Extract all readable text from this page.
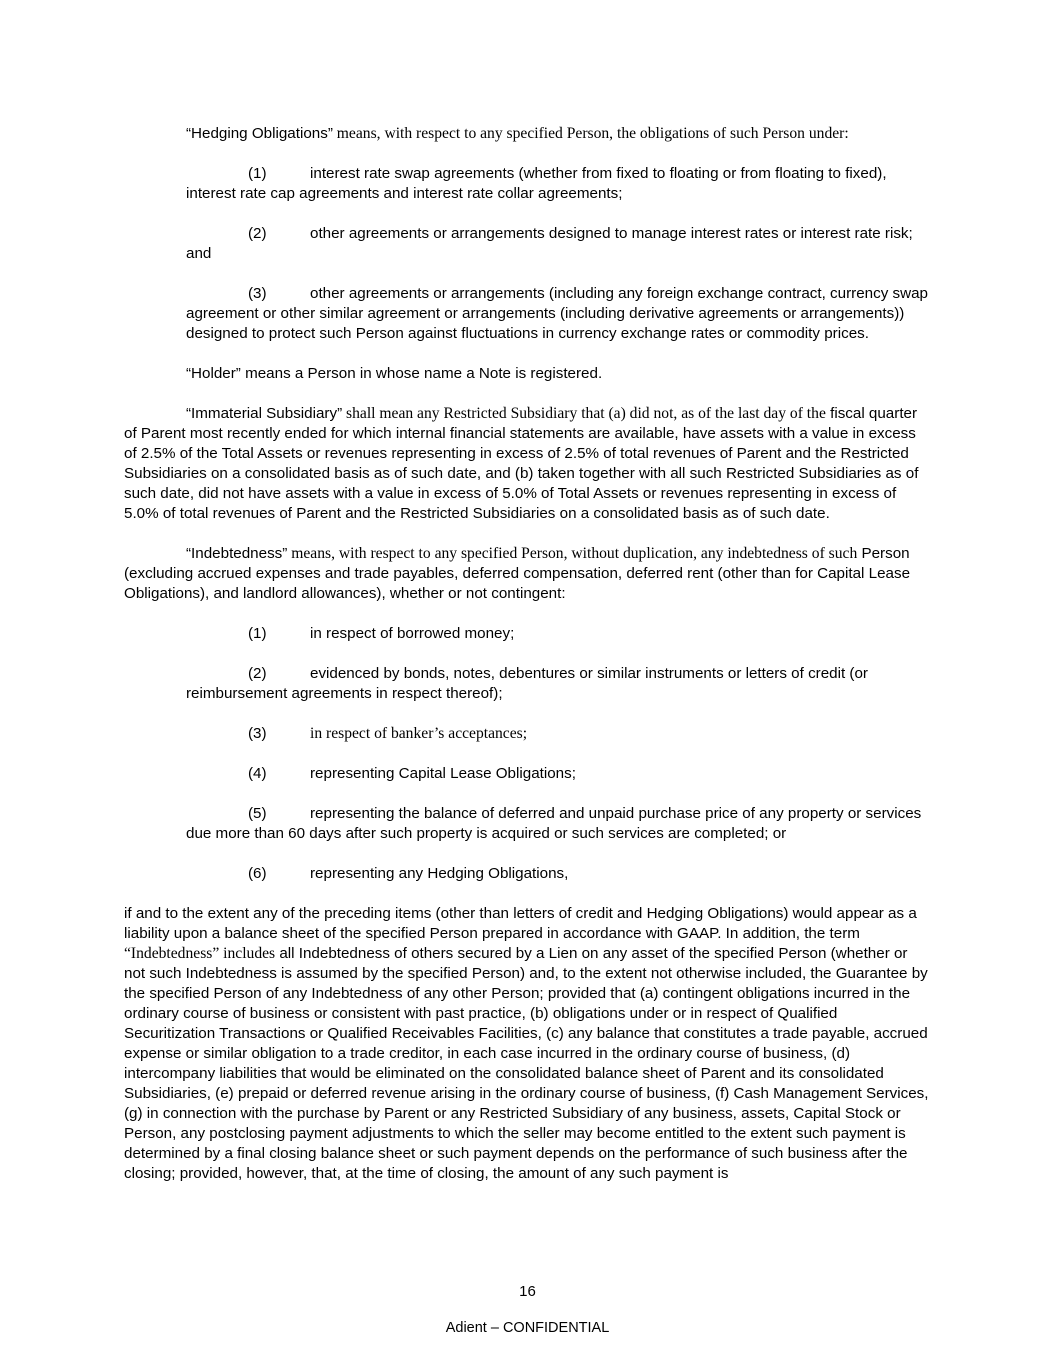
“Hedging Obligations” means, with respect to any specified Person, the obligations of such Person under:

(1)	interest rate swap agreements (whether from fixed to floating or from floating to fixed), interest rate cap agreements and interest rate collar agreements;

(2)	other agreements or arrangements designed to manage interest rates or interest rate risk; and

(3)	other agreements or arrangements (including any foreign exchange contract, currency swap agreement or other similar agreement or arrangements (including derivative agreements or arrangements)) designed to protect such Person against fluctuations in currency exchange rates or commodity prices.

“Holder” means a Person in whose name a Note is registered.

“Immaterial Subsidiary” shall mean any Restricted Subsidiary that (a) did not, as of the last day of the fiscal quarter of Parent most recently ended for which internal financial statements are available, have assets with a value in excess of 2.5% of the Total Assets or revenues representing in excess of 2.5% of total revenues of Parent and the Restricted Subsidiaries on a consolidated basis as of such date, and (b) taken together with all such Restricted Subsidiaries as of such date, did not have assets with a value in excess of 5.0% of Total Assets or revenues representing in excess of 5.0% of total revenues of Parent and the Restricted Subsidiaries on a consolidated basis as of such date.

“Indebtedness” means, with respect to any specified Person, without duplication, any indebtedness of such Person (excluding accrued expenses and trade payables, deferred compensation, deferred rent (other than for Capital Lease Obligations), and landlord allowances), whether or not contingent:

(1)	in respect of borrowed money;

(2)	evidenced by bonds, notes, debentures or similar instruments or letters of credit (or reimbursement agreements in respect thereof);

(3)	in respect of banker’s acceptances;

(4)	representing Capital Lease Obligations;

(5)	representing the balance of deferred and unpaid purchase price of any property or services due more than 60 days after such property is acquired or such services are completed; or

(6)	representing any Hedging Obligations,

if and to the extent any of the preceding items (other than letters of credit and Hedging Obligations) would appear as a liability upon a balance sheet of the specified Person prepared in accordance with GAAP. In addition, the term “Indebtedness” includes all Indebtedness of others secured by a Lien on any asset of the specified Person (whether or not such Indebtedness is assumed by the specified Person) and, to the extent not otherwise included, the Guarantee by the specified Person of any Indebtedness of any other Person; provided that (a) contingent obligations incurred in the ordinary course of business or consistent with past practice, (b) obligations under or in respect of Qualified Securitization Transactions or Qualified Receivables Facilities, (c) any balance that constitutes a trade payable, accrued expense or similar obligation to a trade creditor, in each case incurred in the ordinary course of business, (d) intercompany liabilities that would be eliminated on the consolidated balance sheet of Parent and its consolidated Subsidiaries, (e) prepaid or deferred revenue arising in the ordinary course of business, (f) Cash Management Services, (g) in connection with the purchase by Parent or any Restricted Subsidiary of any business, assets, Capital Stock or Person, any postclosing payment adjustments to which the seller may become entitled to the extent such payment is determined by a final closing balance sheet or such payment depends on the performance of such business after the closing; provided, however, that, at the time of closing, the amount of any such payment is

16
Adient – CONFIDENTIAL
